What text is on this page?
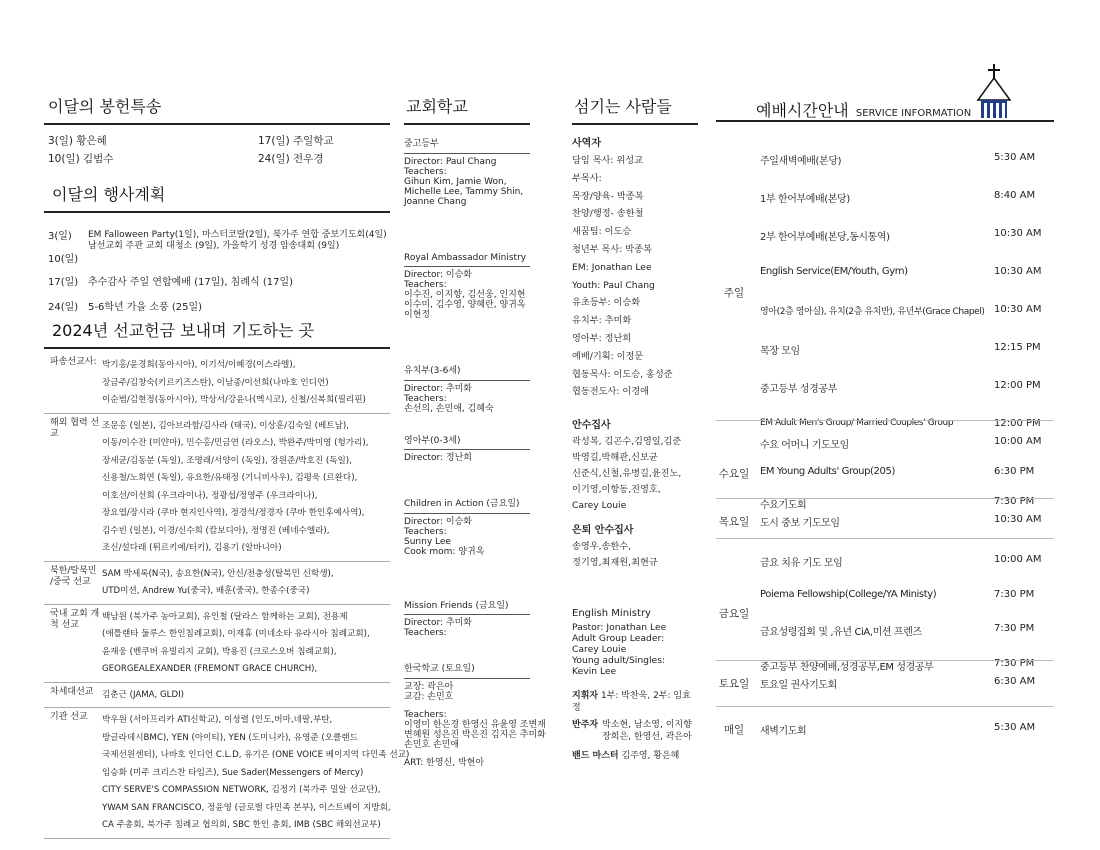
이달의 봉헌특송
3(일) 황은혜	17(일) 주일학교
10(일) 김범수	24(일) 전우경
이달의 행사계획
3(일) EM Falloween Party(1일), 마스터코랄(2일), 북가주 연합 중보기도회(4일)
남선교회 주관 교회 대청소 (9일), 가을학기 성경 암송대회 (9일)
10(일)
17(일) 추수감사 주일 연합예배 (17일), 침례식 (17일)
24(일) 5-6학년 가을 소풍 (25일)
2024년 선교헌금 보내며 기도하는 곳
파송선교사: 박기홍/윤경희(동아시아), 이기석/이혜경(이스라엘),
장금주/김창숙(키르키즈스탄), 이남종/이선희(나바호 인디언)
이순범/김현정(동아시아), 박상서/강윤나(멕시코), 신철/신복희(필리핀)
해외 협력 선교
조문홍 (일본), 김아브라함/김사라 (태국), 이상훈/김숙일 (베트남),
이동/이수잔 (미얀마), 민수홍/민금연 (라오스), 박완주/박미영 (헝가리),
장세균/김동분 (독일), 조명래/서양이 (독일), 장원준/박호진 (독일),
신용철/노희연 (독일), 유요한/유태정 (기니비사우), 김평욱 (르완다),
이호선/이선희 (우크라이나), 정광섭/정영주 (우크라이나),
장요엽/장시라 (쿠바 현지인사역), 정경석/정경자 (쿠바 한인후예사역),
김수빈 (일본), 이경/신수희 (캄보디아), 정명진 (베네수엘라),
조신/설다래 (튀르키예/터키), 김용기 (알바니아)
북한/탈북민 /중국 선교
SAM 박세록(N국), 송요한(N국), 안신/전충성(탈북민 신학생),
UTD미션, Andrew Yu(중국), 배훈(중국), 한종수(중국)
국내 교회 개척 선교
백남원 (북가주 농아교회), 유인철 (달라스 함께하는 교회), 전용제
(애틀랜타 둘루스 한인침례교회), 이재휴 (미네소타 유라시아 침례교회),
윤재웅 (벤쿠버 유빌리지 교회), 박용진 (크로스오버 침례교회),
GEORGEALEXANDER (FREMONT GRACE CHURCH),
차세대선교 김춘근 (JAMA, GLDI)
기관 선교	박우원 (서아프리카 ATI신학교), 이성렬 (인도,버마,네팔,부탄,
방글라데시BMC), YEN (아이티), YEN (도미니카), 유영준 (오클랜드
국제선원센터), 나바호 인디언 C.L.D, 유기은 (ONE VOICE 베이지역 다민족 선교)
임승화 (미주 크리스찬 타임즈), Sue Sader(Messengers of Mercy)
CITY SERVE'S COMPASSION NETWORK, 김정기 (북가주 밀알 선교단),
YWAM SAN FRANCISCO, 정윤영 (글로벌 다민족 본부), 이스트베이 지방회,
CA 주총회, 북가주 침례교 협의회, SBC 한인 총회, IMB (SBC 해외선교부)
교회학교
중고등부
Director: Paul Chang
Teachers:
Gihun Kim, Jamie Won,
Michelle Lee, Tammy Shin,
Joanne Chang
Royal Ambassador Ministry
Director: 이승화
Teachers:
이수진, 이지향, 김선웅, 인지현
이수미, 김수영, 양혜란, 양귀옥
이현정
유치부(3-6세)
Director: 추미화
Teachers:
손선의, 손민애, 김혜숙
영아부(0-3세)
Director: 정난희
Children in Action (금요일)
Director: 이승화
Teachers:
Sunny Lee
Cook mom: 양귀옥
Mission Friends (금요일)
Director: 추미화
Teachers:
한국학교 (토요일)
교장: 곽은아
교감: 손민호
Teachers:
이영미 한은경 한영신 유윤영 조변재
변혜원 성은진 박은진 김지은 추미화
손민호 손민애
ART: 한영신, 박현아
섬기는 사람들
사역자
담임 목사: 위성교
부목사:
목장/양육- 박종복
찬양/행정- 송한철
새꿈팀: 이도승
청년부 목사: 박종복
EM: Jonathan Lee
Youth: Paul Chang
유초등부: 이승화
유치부: 추미화
영아부: 정난희
예배/기획: 이정문
협동목사: 이도승, 홍성준
협동전도사: 이경애
안수집사
곽성복, 김곤수,김영일,김준
박영길,박해관,신보균
신준식,신철,유병길,윤진노,
이기영,이항동,진영호,
Carey Louie
은퇴 안수집사
송영우,송한수,
정기영,최재원,최현규
English Ministry
Pastor: Jonathan Lee
Adult Group Leader:
Carey Louie
Young adult/Singles:
Kevin Lee
지휘자 1부: 박찬욱, 2부: 임효정
반주자 박소현, 남소영, 이지향
장희은, 한영선, 곽은아
밴드 마스터 김주영, 황은혜
예배시간안내 SERVICE INFORMATION
주일
주일새벽예배(본당)	5:30 AM
1부 한어부예배(본당)	8:40 AM
2부 한어부예배(본당,동시통역)	10:30 AM
English Service(EM/Youth, Gym)	10:30 AM
영아(2층 영아실), 유치(2층 유치반), 유년부(Grace Chapel) 10:30 AM
목장 모임	12:15 PM
중고등부 성경공부	12:00 PM
EM Adult Men's Group/ Married Couples' Group	12:00 PM
수요일
수요 어머니 기도모임	10:00 AM
EM Young Adults' Group(205)	6:30 PM
수요기도회	7:30 PM
목요일 도시 중보 기도모임	10:30 AM
금요일
금요 치유 기도 모임	10:00 AM
Poiema Fellowship(College/YA Ministy)	7:30 PM
금요성령집회 및 ,유년 CiA,미션 프렌즈	7:30 PM
중고등부 찬양예배,성경공부,EM 성경공부	7:30 PM
토요일 토요일 권사기도회	6:30 AM
매일	새벽기도회	5:30 AM
